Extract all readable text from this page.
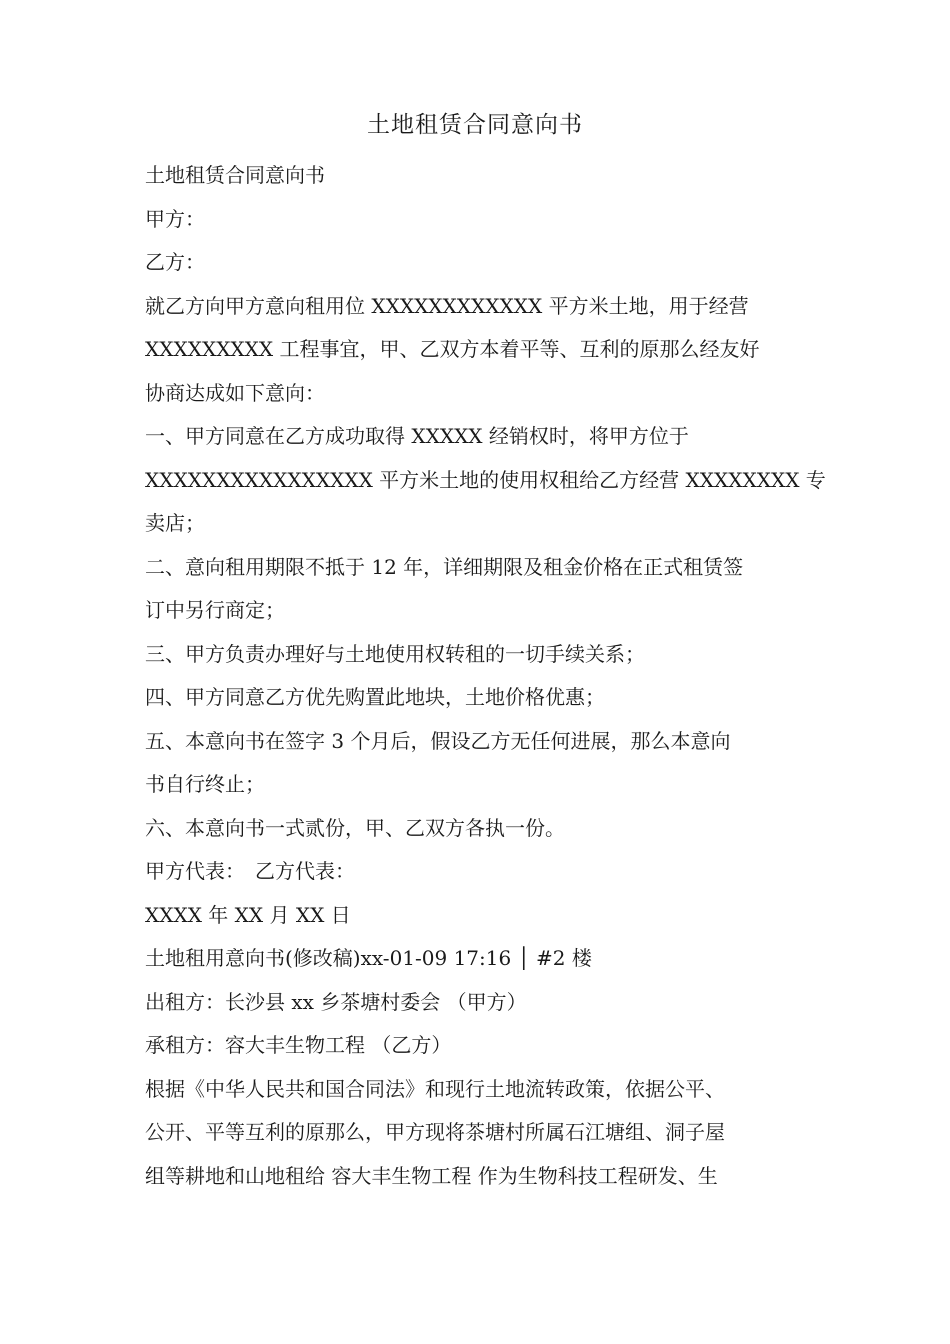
土地租赁合同意向书
土地租赁合同意向书
甲方：
乙方：
就乙方向甲方意向租用位 XXXXXXXXXXXX 平方米土地，用于经营
XXXXXXXXX 工程事宜，甲、乙双方本着平等、互利的原那么经友好
协商达成如下意向：
一、甲方同意在乙方成功取得 XXXXX 经销权时，将甲方位于
XXXXXXXXXXXXXXXX 平方米土地的使用权租给乙方经营 XXXXXXXX 专
卖店；
二、意向租用期限不抵于 12 年，详细期限及租金价格在正式租赁签
订中另行商定；
三、甲方负责办理好与土地使用权转租的一切手续关系；
四、甲方同意乙方优先购置此地块，土地价格优惠；
五、本意向书在签字 3 个月后，假设乙方无任何进展，那么本意向
书自行终止；
六、本意向书一式贰份，甲、乙双方各执一份。
甲方代表：　乙方代表：
XXXX 年 XX 月 XX 日
土地租用意向书(修改稿)xx-01-09 17:16 │ #2 楼
出租方：长沙县 xx 乡茶塘村委会 （甲方）
承租方：容大丰生物工程 （乙方）
根据《中华人民共和国合同法》和现行土地流转政策，依据公平、
公开、平等互利的原那么，甲方现将茶塘村所属石江塘组、洞子屋
组等耕地和山地租给 容大丰生物工程 作为生物科技工程研发、生
